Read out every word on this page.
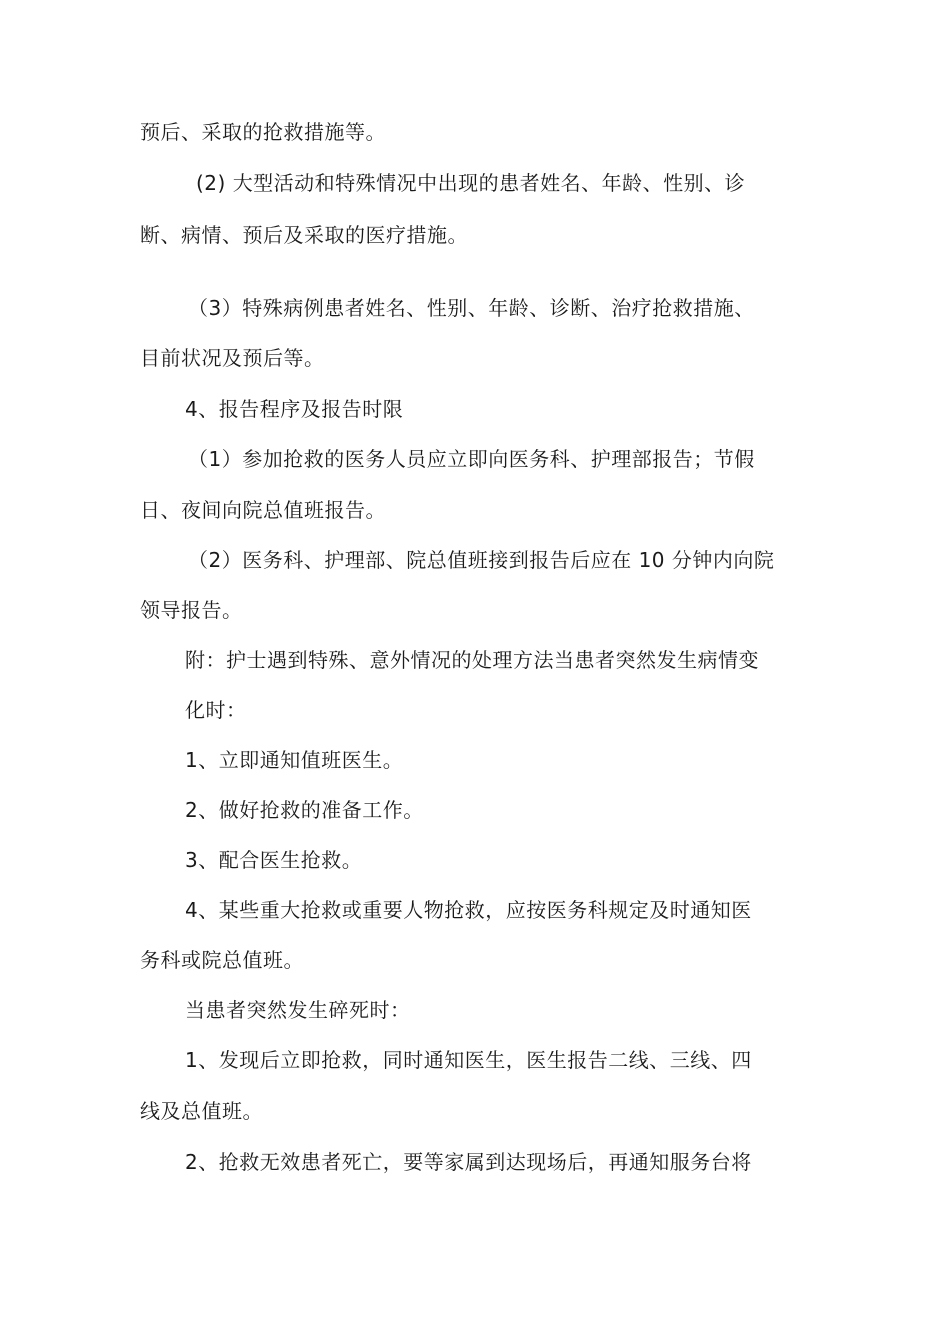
预后、采取的抢救措施等。
(2) 大型活动和特殊情况中出现的患者姓名、年龄、性别、诊
断、病情、预后及采取的医疗措施。
（3）特殊病例患者姓名、性别、年龄、诊断、治疗抢救措施、
目前状况及预后等。
4、报告程序及报告时限
（1）参加抢救的医务人员应立即向医务科、护理部报告；节假
日、夜间向院总值班报告。
（2）医务科、护理部、院总值班接到报告后应在 10 分钟内向院
领导报告。
附：护士遇到特殊、意外情况的处理方法当患者突然发生病情变
化时：
1、立即通知值班医生。
2、做好抢救的准备工作。
3、配合医生抢救。
4、某些重大抢救或重要人物抢救，应按医务科规定及时通知医
务科或院总值班。
当患者突然发生碎死时：
1、发现后立即抢救，同时通知医生，医生报告二线、三线、四
线及总值班。
2、抢救无效患者死亡，要等家属到达现场后，再通知服务台将
